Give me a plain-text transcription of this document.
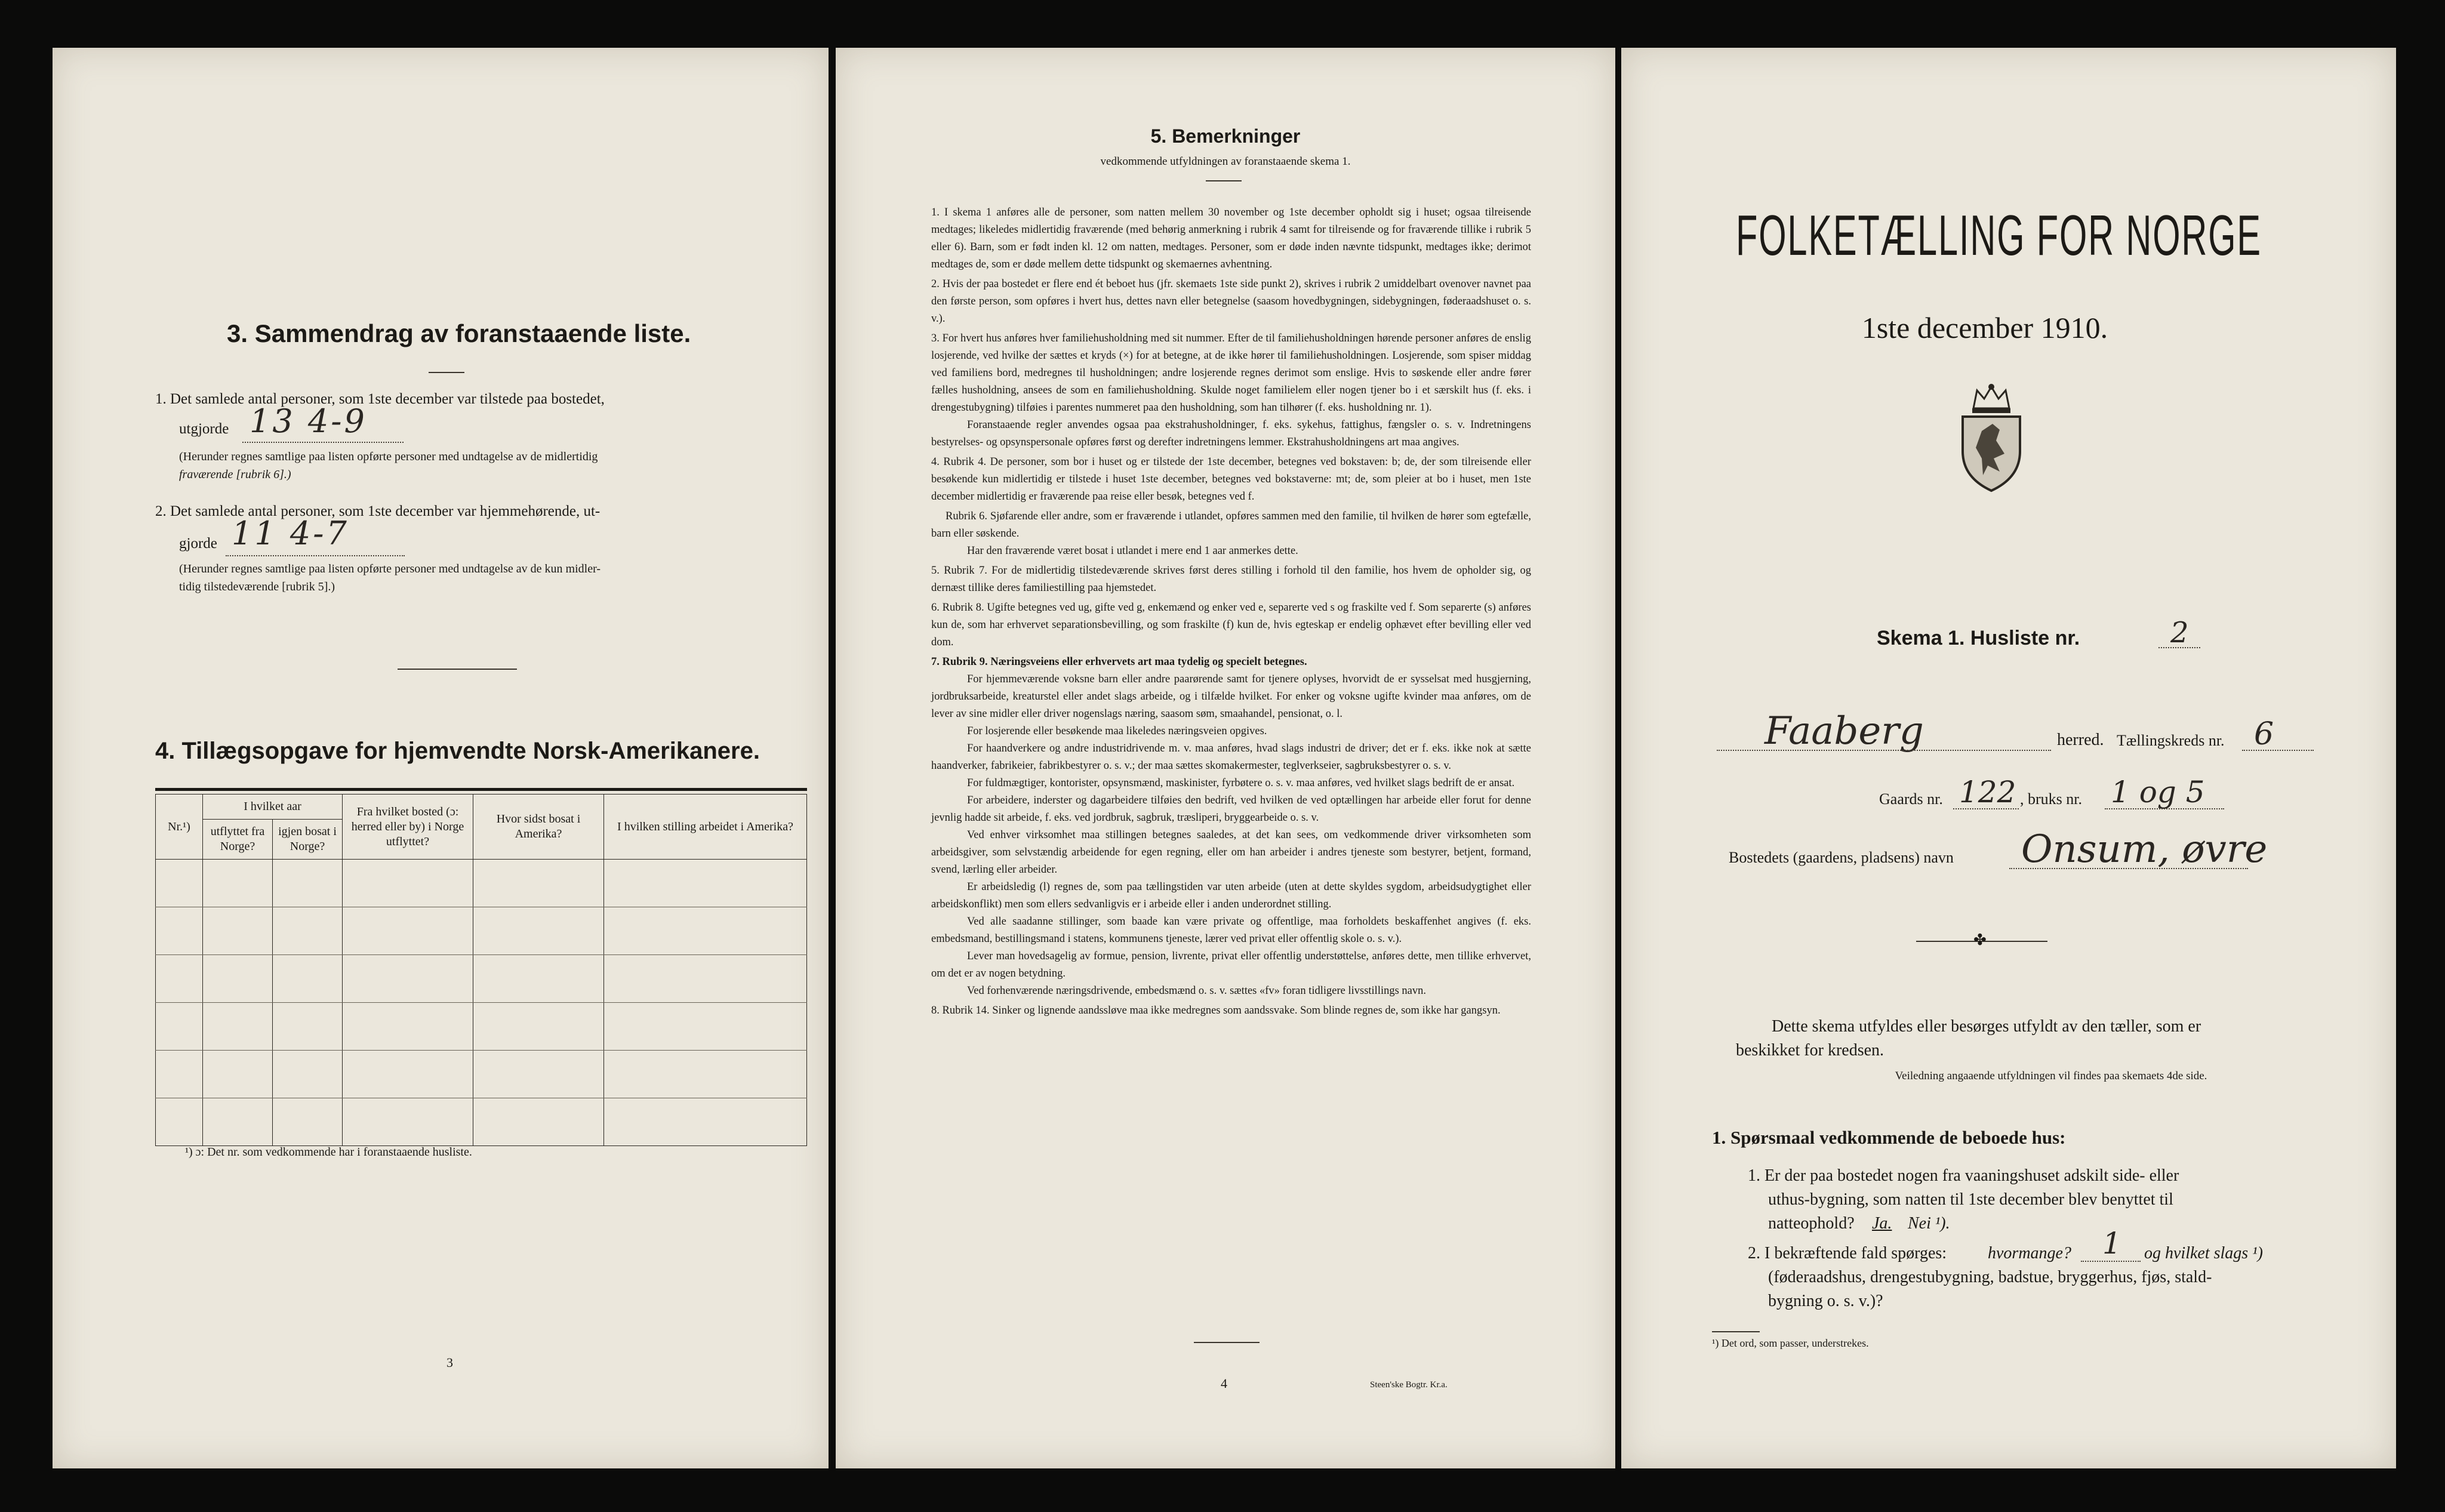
3. Sammendrag av foranstaaende liste.
1. Det samlede antal personer, som 1ste december var tilstede paa bostedet,
utgjorde 13 4-9
(Herunder regnes samtlige paa listen opførte personer med undtagelse av de midlertidig
fraværende [rubrik 6].)
2. Det samlede antal personer, som 1ste december var hjemmehørende, ut-
gjorde 11 4-7
(Herunder regnes samtlige paa listen opførte personer med undtagelse av de kun midler-
tidig tilstedeværende [rubrik 5].)
4. Tillægsopgave for hjemvendte Norsk-Amerikanere.
Nr.¹)	I hvilket aar		Fra hvilket bosted (ɔ: herred eller by) i Norge utflyttet?	Hvor sidst bosat i Amerika?	I hvilken stilling arbeidet i Amerika?
	utflyttet fra Norge?	igjen bosat i Norge?			

¹) ɔ: Det nr. som vedkommende har i foranstaaende husliste.
3
5. Bemerkninger
vedkommende utfyldningen av foranstaaende skema 1.

1. I skema 1 anføres alle de personer, som natten mellem 30 november og 1ste december opholdt sig i huset; ogsaa tilreisende medtages; likeledes midlertidig fraværende (med behørig anmerkning i rubrik 4 samt for tilreisende og for fraværende tillike i rubrik 5 eller 6). Barn, som er født inden kl. 12 om natten, medtages. Personer, som er døde inden nævnte tidspunkt, medtages ikke; derimot medtages de, som er døde mellem dette tidspunkt og skemaernes avhentning.

2. Hvis der paa bostedet er flere end ét beboet hus (jfr. skemaets 1ste side punkt 2), skrives i rubrik 2 umiddelbart ovenover navnet paa den første person, som opføres i hvert hus, dettes navn eller betegnelse (saasom hovedbygningen, sidebygningen, føderaadshuset o. s. v.).

3. For hvert hus anføres hver familiehusholdning med sit nummer. Efter de til familiehusholdningen hørende personer anføres de enslig losjerende, ved hvilke der sættes et kryds (×) for at betegne, at de ikke hører til familiehusholdningen. Losjerende, som spiser middag ved familiens bord, medregnes til husholdningen; andre losjerende regnes derimot som enslige. Hvis to søskende eller andre fører fælles husholdning, ansees de som en familiehusholdning. Skulde noget familielem eller nogen tjener bo i et særskilt hus (f. eks. i drengestubygning) tilføies i parentes nummeret paa den husholdning, som han tilhører (f. eks. husholdning nr. 1).

Foranstaaende regler anvendes ogsaa paa ekstrahusholdninger, f. eks. sykehus, fattighus, fængsler o. s. v. Indretningens bestyrelses- og opsynspersonale opføres først og derefter indretningens lemmer. Ekstrahusholdningens art maa angives.

4. Rubrik 4. De personer, som bor i huset og er tilstede der 1ste december, betegnes ved bokstaven: b; de, der som tilreisende eller besøkende kun midlertidig er tilstede i huset 1ste december, betegnes ved bokstaverne: mt; de, som pleier at bo i huset, men 1ste december midlertidig er fraværende paa reise eller besøk, betegnes ved f.

Rubrik 6. Sjøfarende eller andre, som er fraværende i utlandet, opføres sammen med den familie, til hvilken de hører som egtefælle, barn eller søskende.

Har den fraværende været bosat i utlandet i mere end 1 aar anmerkes dette.

5. Rubrik 7. For de midlertidig tilstedeværende skrives først deres stilling i forhold til den familie, hos hvem de opholder sig, og dernæst tillike deres familiestilling paa hjemstedet.

6. Rubrik 8. Ugifte betegnes ved ug, gifte ved g, enkemænd og enker ved e, separerte ved s og fraskilte ved f. Som separerte (s) anføres kun de, som har erhvervet separationsbevilling, og som fraskilte (f) kun de, hvis egteskap er endelig ophævet efter bevilling eller ved dom.

7. Rubrik 9. Næringsveiens eller erhvervets art maa tydelig og specielt betegnes.

For hjemmeværende voksne barn eller andre paarørende samt for tjenere oplyses, hvorvidt de er sysselsat med husgjerning, jordbruksarbeide, kreaturstel eller andet slags arbeide, og i tilfælde hvilket. For enker og voksne ugifte kvinder maa anføres, om de lever av sine midler eller driver nogenslags næring, saasom søm, smaahandel, pensionat, o. l.

For losjerende eller besøkende maa likeledes næringsveien opgives.

For haandverkere og andre industridrivende m. v. maa anføres, hvad slags industri de driver; det er f. eks. ikke nok at sætte haandverker, fabrikeier, fabrikbestyrer o. s. v.; der maa sættes skomakermester, teglverkseier, sagbruksbestyrer o. s. v.

For fuldmægtiger, kontorister, opsynsmænd, maskinister, fyrbøtere o. s. v. maa anføres, ved hvilket slags bedrift de er ansat.

For arbeidere, inderster og dagarbeidere tilføies den bedrift, ved hvilken de ved optællingen har arbeide eller forut for denne jevnlig hadde sit arbeide, f. eks. ved jordbruk, sagbruk, træsliperi, bryggearbeide o. s. v.

Ved enhver virksomhet maa stillingen betegnes saaledes, at det kan sees, om vedkommende driver virksomheten som arbeidsgiver, som selvstændig arbeidende for egen regning, eller om han arbeider i andres tjeneste som bestyrer, betjent, formand, svend, lærling eller arbeider.

Er arbeidsledig (l) regnes de, som paa tællingstiden var uten arbeide (uten at dette skyldes sygdom, arbeidsudygtighet eller arbeidskonflikt) men som ellers sedvanligvis er i arbeide eller i anden underordnet stilling.

Ved alle saadanne stillinger, som baade kan være private og offentlige, maa forholdets beskaffenhet angives (f. eks. embedsmand, bestillingsmand i statens, kommunens tjeneste, lærer ved privat eller offentlig skole o. s. v.).

Lever man hovedsagelig av formue, pension, livrente, privat eller offentlig understøttelse, anføres dette, men tillike erhvervet, om det er av nogen betydning.

Ved forhenværende næringsdrivende, embedsmænd o. s. v. sættes «fv» foran tidligere livsstillings navn.

8. Rubrik 14. Sinker og lignende aandssløve maa ikke medregnes som aandssvake. Som blinde regnes de, som ikke har gangsyn.

4	Steen'ske Bogtr. Kr.a.
FOLKETÆLLING FOR NORGE
1ste december 1910.
Skema 1. Husliste nr.	2
Faaberg	herred. Tællingskreds nr. 6
Gaards nr. 122 , bruks nr. 1 og 5
Bostedets (gaardens, pladsens) navn Onsum, øvre
✤
Dette skema utfyldes eller besørges utfyldt av den tæller, som er
beskikket for kredsen.
Veiledning angaaende utfyldningen vil findes paa skemaets 4de side.
1. Spørsmaal vedkommende de beboede hus:
1. Er der paa bostedet nogen fra vaaningshuset adskilt side- eller
uthus-bygning, som natten til 1ste december blev benyttet til
natteophold? Ja. Nei ¹).
2. I bekræftende fald spørges: hvormange? 1 og hvilket slags ¹)
(føderaadshus, drengestubygning, badstue, bryggerhus, fjøs, stald-
bygning o. s. v.)?
¹) Det ord, som passer, understrekes.
